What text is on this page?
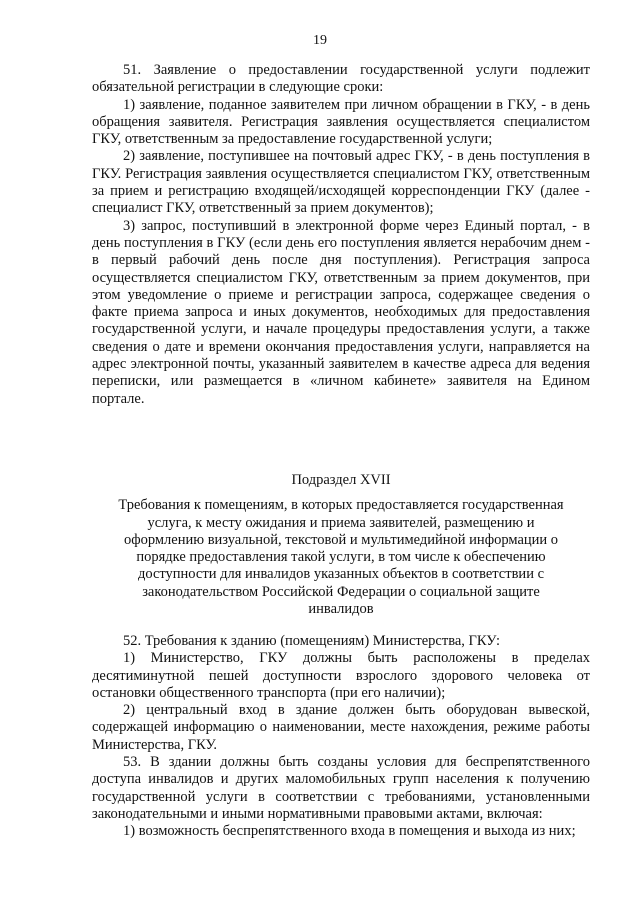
19

51. Заявление о предоставлении государственной услуги подлежит обязательной регистрации в следующие сроки:

1) заявление, поданное заявителем при личном обращении в ГКУ, - в день обращения заявителя. Регистрация заявления осуществляется специалистом ГКУ, ответственным за предоставление государственной услуги;

2) заявление, поступившее на почтовый адрес ГКУ, - в день поступления в ГКУ. Регистрация заявления осуществляется специалистом ГКУ, ответственным за прием и регистрацию входящей/исходящей корреспонденции ГКУ (далее - специалист ГКУ, ответственный за прием документов);

3) запрос, поступивший в электронной форме через Единый портал, - в день поступления в ГКУ (если день его поступления является нерабочим днем - в первый рабочий день после дня поступления). Регистрация запроса осуществляется специалистом ГКУ, ответственным за прием документов, при этом уведомление о приеме и регистрации запроса, содержащее сведения о факте приема запроса и иных документов, необходимых для предоставления государственной услуги, и начале процедуры предоставления услуги, а также сведения о дате и времени окончания предоставления услуги, направляется на адрес электронной почты, указанный заявителем в качестве адреса для ведения переписки, или размещается в «личном кабинете» заявителя на Едином портале.

Подраздел XVII

Требования к помещениям, в которых предоставляется государственная услуга, к месту ожидания и приема заявителей, размещению и оформлению визуальной, текстовой и мультимедийной информации о порядке предоставления такой услуги, в том числе к обеспечению доступности для инвалидов указанных объектов в соответствии с законодательством Российской Федерации о социальной защите инвалидов

52. Требования к зданию (помещениям) Министерства, ГКУ:

1) Министерство, ГКУ должны быть расположены в пределах десятиминутной пешей доступности взрослого здорового человека от остановки общественного транспорта (при его наличии);

2) центральный вход в здание должен быть оборудован вывеской, содержащей информацию о наименовании, месте нахождения, режиме работы Министерства, ГКУ.

53. В здании должны быть созданы условия для беспрепятственного доступа инвалидов и других маломобильных групп населения к получению государственной услуги в соответствии с требованиями, установленными законодательными и иными нормативными правовыми актами, включая:

1) возможность беспрепятственного входа в помещения и выхода из них;
